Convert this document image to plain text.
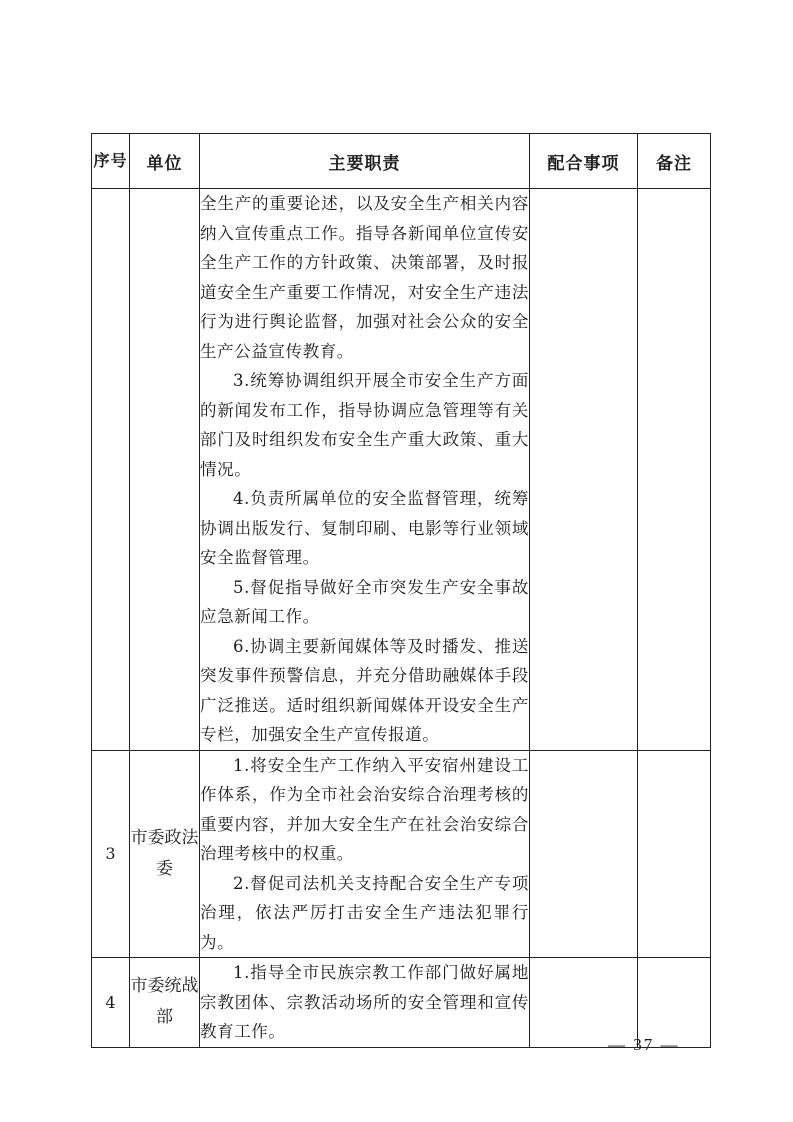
序号	单位	主要职责	配合事项	备注

		全生产的重要论述，以及安全生产相关内容纳入宣传重点工作。指导各新闻单位宣传安全生产工作的方针政策、决策部署，及时报道安全生产重要工作情况，对安全生产违法行为进行舆论监督，加强对社会公众的安全生产公益宣传教育。

3.统筹协调组织开展全市安全生产方面的新闻发布工作，指导协调应急管理等有关部门及时组织发布安全生产重大政策、重大情况。

4.负责所属单位的安全监督管理，统筹协调出版发行、复制印刷、电影等行业领域安全监督管理。

5.督促指导做好全市突发生产安全事故应急新闻工作。

6.协调主要新闻媒体等及时播发、推送突发事件预警信息，并充分借助融媒体手段广泛推送。适时组织新闻媒体开设安全生产专栏，加强安全生产宣传报道。		

3	市委政法委	1.将安全生产工作纳入平安宿州建设工作体系，作为全市社会治安综合治理考核的重要内容，并加大安全生产在社会治安综合治理考核中的权重。

2.督促司法机关支持配合安全生产专项治理，依法严厉打击安全生产违法犯罪行为。		

4	市委统战部	1.指导全市民族宗教工作部门做好属地宗教团体、宗教活动场所的安全管理和宣传教育工作。		

— 37 —
